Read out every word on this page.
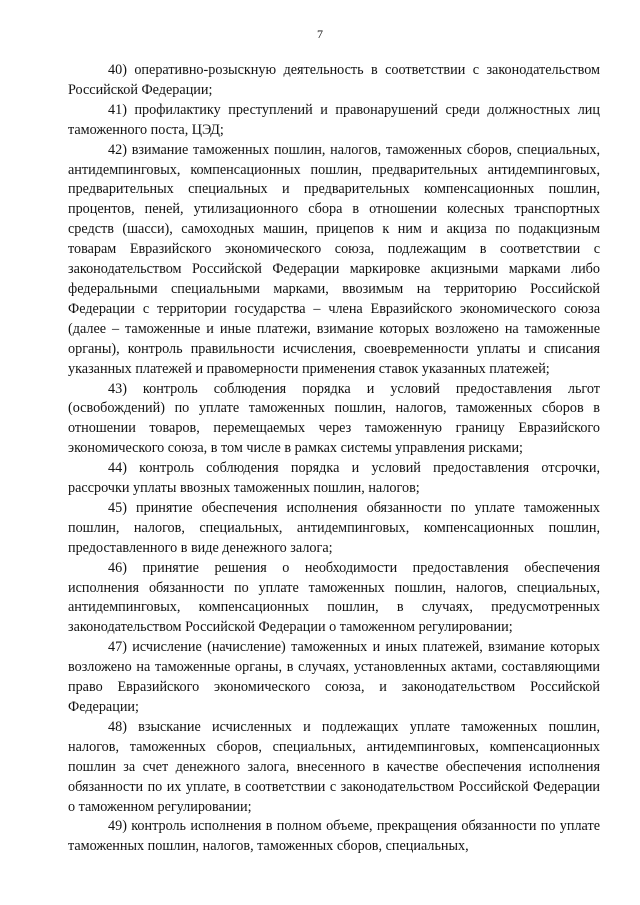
7

40) оперативно-розыскную деятельность в соответствии с законодательством Российской Федерации;

41) профилактику преступлений и правонарушений среди должностных лиц таможенного поста, ЦЭД;

42) взимание таможенных пошлин, налогов, таможенных сборов, специальных, антидемпинговых, компенсационных пошлин, предварительных антидемпинговых, предварительных специальных и предварительных компенсационных пошлин, процентов, пеней, утилизационного сбора в отношении колесных транспортных средств (шасси), самоходных машин, прицепов к ним и акциза по подакцизным товарам Евразийского экономического союза, подлежащим в соответствии с законодательством Российской Федерации маркировке акцизными марками либо федеральными специальными марками, ввозимым на территорию Российской Федерации с территории государства – члена Евразийского экономического союза (далее – таможенные и иные платежи, взимание которых возложено на таможенные органы), контроль правильности исчисления, своевременности уплаты и списания указанных платежей и правомерности применения ставок указанных платежей;

43) контроль соблюдения порядка и условий предоставления льгот (освобождений) по уплате таможенных пошлин, налогов, таможенных сборов в отношении товаров, перемещаемых через таможенную границу Евразийского экономического союза, в том числе в рамках системы управления рисками;

44) контроль соблюдения порядка и условий предоставления отсрочки, рассрочки уплаты ввозных таможенных пошлин, налогов;

45) принятие обеспечения исполнения обязанности по уплате таможенных пошлин, налогов, специальных, антидемпинговых, компенсационных пошлин, предоставленного в виде денежного залога;

46) принятие решения о необходимости предоставления обеспечения исполнения обязанности по уплате таможенных пошлин, налогов, специальных, антидемпинговых, компенсационных пошлин, в случаях, предусмотренных законодательством Российской Федерации о таможенном регулировании;

47) исчисление (начисление) таможенных и иных платежей, взимание которых возложено на таможенные органы, в случаях, установленных актами, составляющими право Евразийского экономического союза, и законодательством Российской Федерации;

48) взыскание исчисленных и подлежащих уплате таможенных пошлин, налогов, таможенных сборов, специальных, антидемпинговых, компенсационных пошлин за счет денежного залога, внесенного в качестве обеспечения исполнения обязанности по их уплате, в соответствии с законодательством Российской Федерации о таможенном регулировании;

49) контроль исполнения в полном объеме, прекращения обязанности по уплате таможенных пошлин, налогов, таможенных сборов, специальных,
